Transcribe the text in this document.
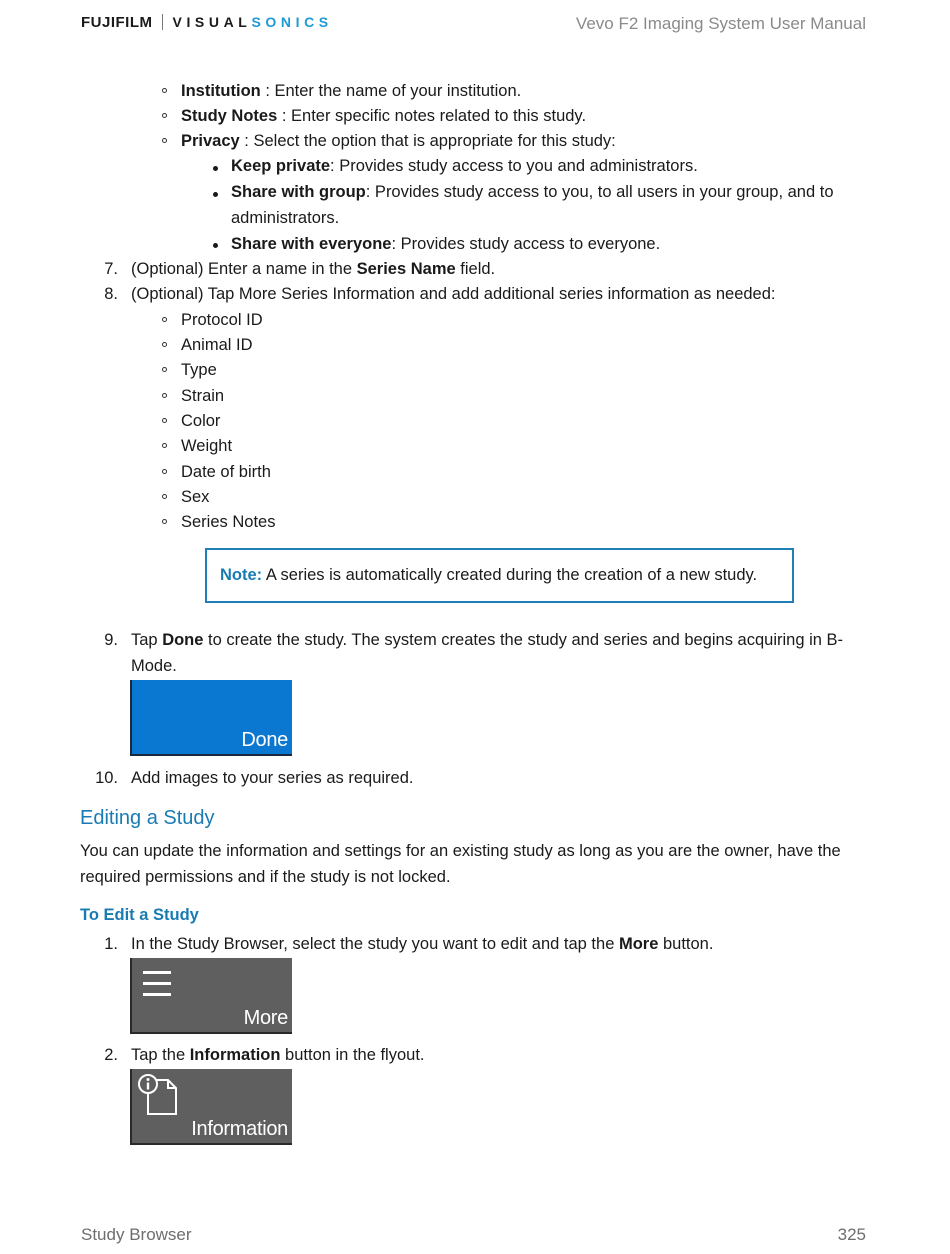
FUJIFILM VISUAL SONICS	Vevo F2 Imaging System User Manual
Institution : Enter the name of your institution.
Study Notes : Enter specific notes related to this study.
Privacy : Select the option that is appropriate for this study:
Keep private: Provides study access to you and administrators.
Share with group: Provides study access to you, to all users in your group, and to
administrators.
Share with everyone: Provides study access to everyone.
7. (Optional) Enter a name in the Series Name field.
8. (Optional) Tap More Series Information and add additional series information as needed:
Protocol ID
Animal ID
Type
Strain
Color
Weight
Date of birth
Sex
Series Notes
Note: A series is automatically created during the creation of a new study.
9. Tap Done to create the study. The system creates the study and series and begins acquiring in B-
Mode.
Done
10. Add images to your series as required.
Editing a Study
You can update the information and settings for an existing study as long as you are the owner, have the
required permissions and if the study is not locked.
To Edit a Study
1. In the Study Browser, select the study you want to edit and tap the More button.
More
2. Tap the Information button in the flyout.
Information
Study Browser	325
